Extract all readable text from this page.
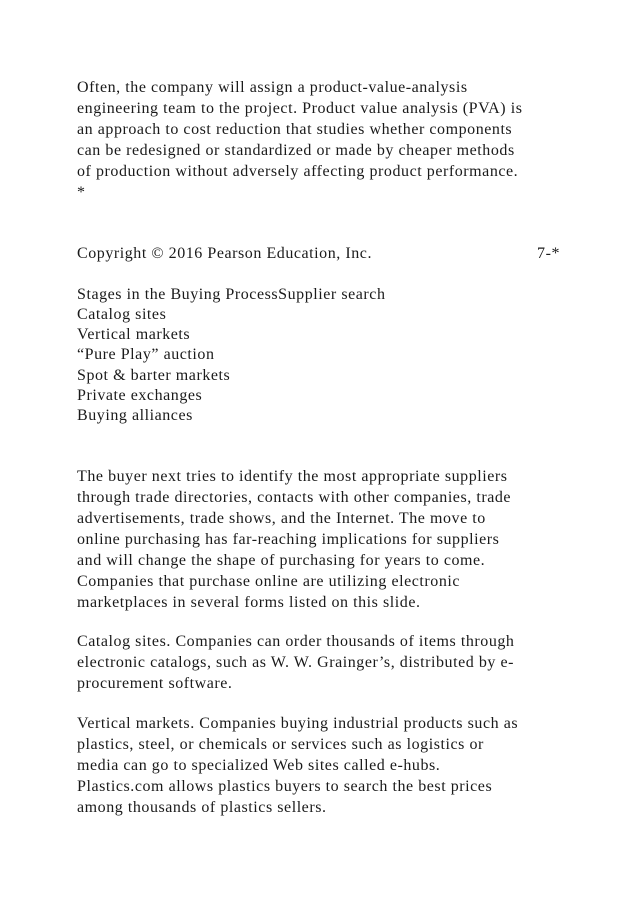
Often, the company will assign a product-value-analysis

engineering team to the project. Product value analysis (PVA) is

an approach to cost reduction that studies whether components

can be redesigned or standardized or made by cheaper methods

of production without adversely affecting product performance.

*

Copyright © 2016 Pearson Education, Inc.	7-*

Stages in the Buying ProcessSupplier search

Catalog sites

Vertical markets

“Pure Play” auction

Spot & barter markets

Private exchanges

Buying alliances

The buyer next tries to identify the most appropriate suppliers

through trade directories, contacts with other companies, trade

advertisements, trade shows, and the Internet. The move to

online purchasing has far-reaching implications for suppliers

and will change the shape of purchasing for years to come.

Companies that purchase online are utilizing electronic

marketplaces in several forms listed on this slide.

Catalog sites. Companies can order thousands of items through

electronic catalogs, such as W. W. Grainger’s, distributed by e-

procurement software.

Vertical markets. Companies buying industrial products such as

plastics, steel, or chemicals or services such as logistics or

media can go to specialized Web sites called e-hubs.

Plastics.com allows plastics buyers to search the best prices

among thousands of plastics sellers.
